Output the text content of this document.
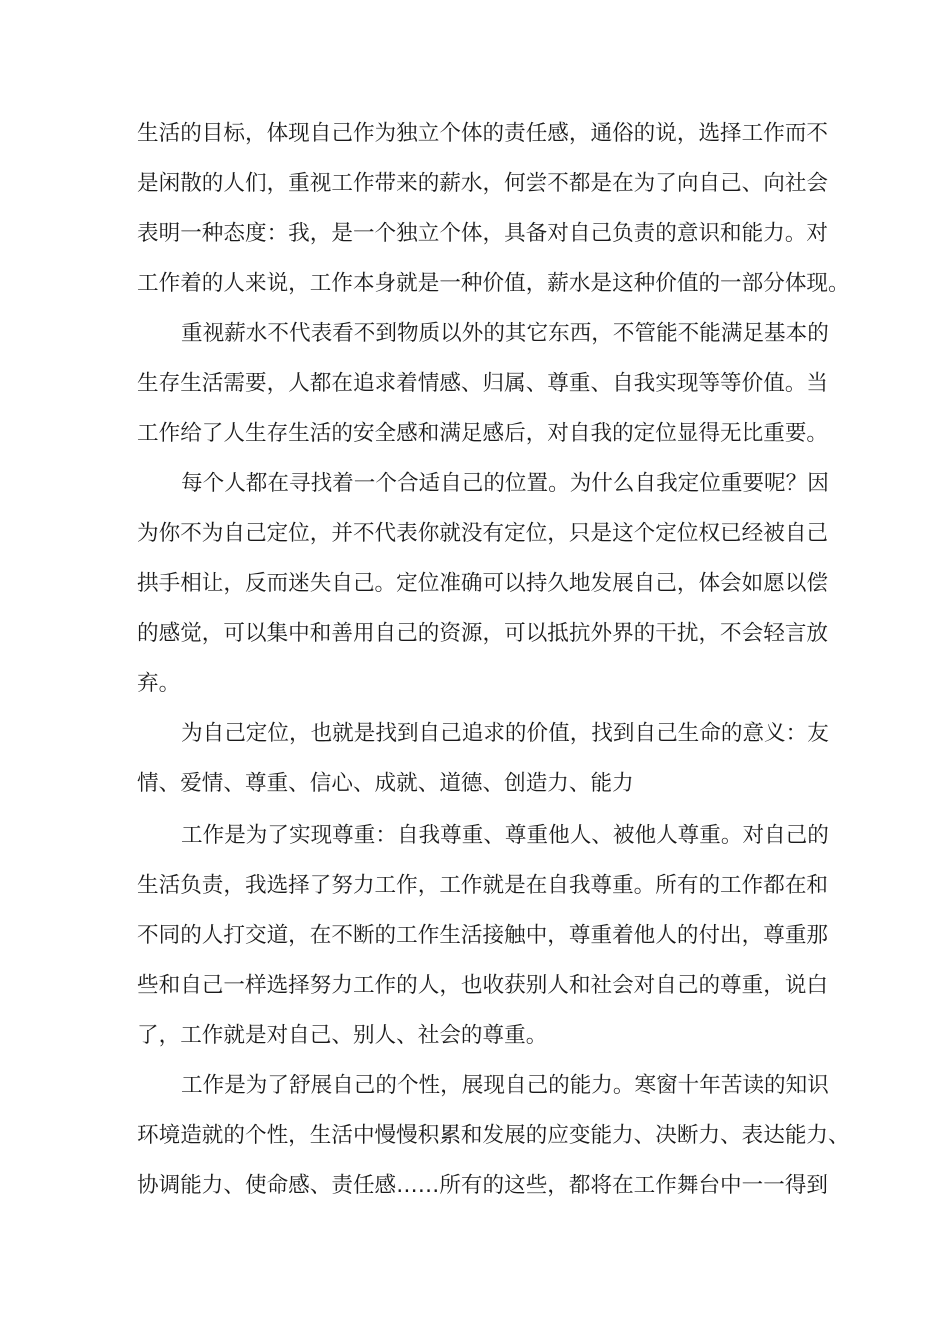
生活的目标，体现自己作为独立个体的责任感，通俗的说，选择工作而不

是闲散的人们，重视工作带来的薪水，何尝不都是在为了向自己、向社会

表明一种态度：我，是一个独立个体，具备对自己负责的意识和能力。对

工作着的人来说，工作本身就是一种价值，薪水是这种价值的一部分体现。

重视薪水不代表看不到物质以外的其它东西，不管能不能满足基本的

生存生活需要，人都在追求着情感、归属、尊重、自我实现等等价值。当

工作给了人生存生活的安全感和满足感后，对自我的定位显得无比重要。

每个人都在寻找着一个合适自己的位置。为什么自我定位重要呢？因

为你不为自己定位，并不代表你就没有定位，只是这个定位权已经被自己

拱手相让，反而迷失自己。定位准确可以持久地发展自己，体会如愿以偿

的感觉，可以集中和善用自己的资源，可以抵抗外界的干扰，不会轻言放

弃。

为自己定位，也就是找到自己追求的价值，找到自己生命的意义：友

情、爱情、尊重、信心、成就、道德、创造力、能力

工作是为了实现尊重：自我尊重、尊重他人、被他人尊重。对自己的

生活负责，我选择了努力工作，工作就是在自我尊重。所有的工作都在和

不同的人打交道，在不断的工作生活接触中，尊重着他人的付出，尊重那

些和自己一样选择努力工作的人，也收获别人和社会对自己的尊重，说白

了，工作就是对自己、别人、社会的尊重。

工作是为了舒展自己的个性，展现自己的能力。寒窗十年苦读的知识

环境造就的个性，生活中慢慢积累和发展的应变能力、决断力、表达能力、

协调能力、使命感、责任感……所有的这些，都将在工作舞台中一一得到
